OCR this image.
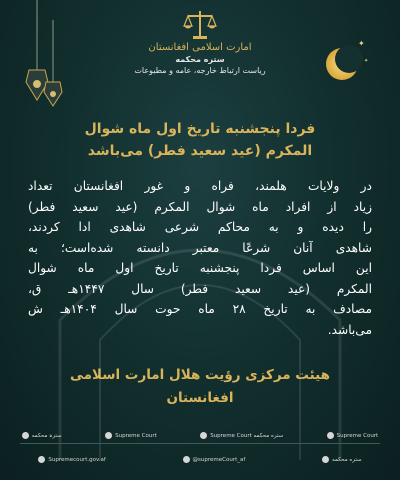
✦
✦
امارت اسلامی افغانستان
ستره محکمه
ریاست ارتباط خارجه، عامه و مطبوعات
فردا پنجشنبه تاریخ اول ماه شوال
المکرم (عید سعید فطر) می‌باشد
در ولایات هلمند، فراه و غور افغانستان تعداد
زیاد از افراد ماه شوال المکرم (عید سعید فطر)
را دیده و به محاکم شرعی شاهدی ادا کردند،
شاهدی آنان شرعًا معتبر دانسته شده‌است؛ به
این اساس فردا پنجشنبه تاریخ اول ماه شوال
المکرم (عید سعید فطر) سال ۱۴۴۷هـ ق،
مصادف به تاریخ ۲۸ ماه حوت سال ۱۴۰۴هـ ش
می‌باشد.
هیئت مرکزی رؤیت هلال امارت اسلامی
افغانستان
سترہ محکمه	Supreme Court	Supreme Court ستره محکمه	Supreme Court
Supremecourt.gov.af	@supremeCourt_af	ستره محکمه
